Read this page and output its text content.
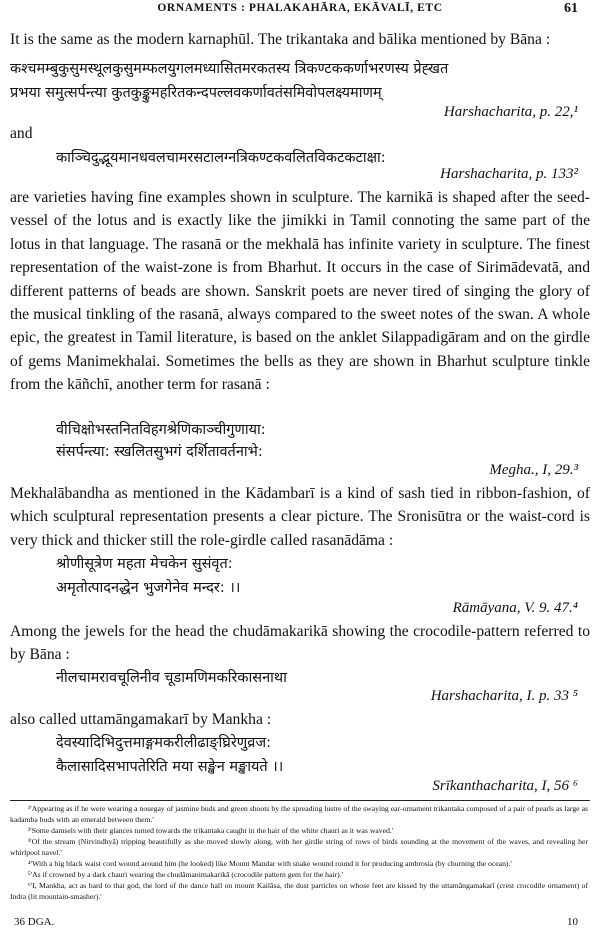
ORNAMENTS : PHALAKAHĀRA, EKĀVALĪ, ETC	61

It is the same as the modern karnaphūl. The trikantaka and bālika mentioned by Bāna :

कश्चमम्बुकुसुमस्थूलकुसुमम्फलयुगलमध्यासितमरकतस्य त्रिकण्टककर्णाभरणस्य प्रेह्खत

प्रभया समुत्सर्पन्त्या कुतकुङ्कुमहरितकन्दपल्लवकर्णावतंसमिवोपलक्ष्यमाणम्

Harshacharita, p. 22,¹

and

काञ्चिदुद्भूयमानधवलचामरसटालग्नत्रिकण्टकवलितविकटकटाक्षा:

Harshacharita, p. 133²

are varieties having fine examples shown in sculpture. The karnikā is shaped after the seed-vessel of the lotus and is exactly like the jimikki in Tamil connoting the same part of the lotus in that language. The rasanā or the mekhalā has infinite variety in sculpture. The finest representation of the waist-zone is from Bharhut. It occurs in the case of Sirimādevatā, and different patterns of beads are shown. Sanskrit poets are never tired of singing the glory of the musical tinkling of the rasanā, always compared to the sweet notes of the swan. A whole epic, the greatest in Tamil literature, is based on the anklet Silappadigāram and on the girdle of gems Manimekhalai. Sometimes the bells as they are shown in Bharhut sculpture tinkle from the kāñchī, another term for rasanā :

वीचिक्षोभस्तनितविहगश्रेणिकाञ्चीगुणाया:

संसर्पन्त्या: स्खलितसुभगं दर्शितावर्तनाभे:

Megha., I, 29.³

Mekhalābandha as mentioned in the Kādambarī is a kind of sash tied in ribbon-fashion, of which sculptural representation presents a clear picture. The Sronisūtra or the waist-cord is very thick and thicker still the role-girdle called rasanādāma :

श्रोणीसूत्रेण महता मेचकेन सुसंवृत:

अमृतोत्पादनद्धेन भुजगेनेव मन्दर: ।।

Rāmāyana, V. 9. 47.⁴

Among the jewels for the head the chudāmakarikā showing the crocodile-pattern referred to by Bāna :

नीलचामरावचूलिनीव चूडामणिमकरिकासनाथा

Harshacharita, I. p. 33 ⁵

also called uttamāngamakarī by Mankha :

देवस्यादिभिदुत्तमाङ्गमकरीलीढाङ्घ्रिरेणुव्रज:

कैलासादिसभापतेरिति मया सङ्खेन मङ्खायते ।।

Srīkanthacharita, I, 56 ⁶

¹'Appearing as if he were wearing a nosegay of jasmine buds and green shoots by the spreading lustre of the swaying ear-ornament trikantaka composed of a pair of pearls as large as kadamba buds with an emerald between them.'

²'Some damsels with their glances turned towards the trikantaka caught in the hair of the white chauri as it was waved.'

³'Of the stream (Nirvindhyā) tripping beautifully as she moved slowly along, with her girdle string of rows of birds sounding at the movement of the waves, and revealing her whirlpool navel.'

⁴'With a big black waist cord wound around him (he looked) like Mount Mandar with snake wound round it for producing ambrosia (by churning the ocean).'

⁵'As if crowned by a dark chauri wearing the chudāmanimakarikā (crocodile pattern gem for the hair).'

⁶'I, Mankha, act as bard to that god, the lord of the dance hall on mount Kailāsa, the dust particles on whose feet are kissed by the uttamāngamakarī (crest crocodile ornament) of Indra (lit mountain-smasher).'

36 DGA.	10
